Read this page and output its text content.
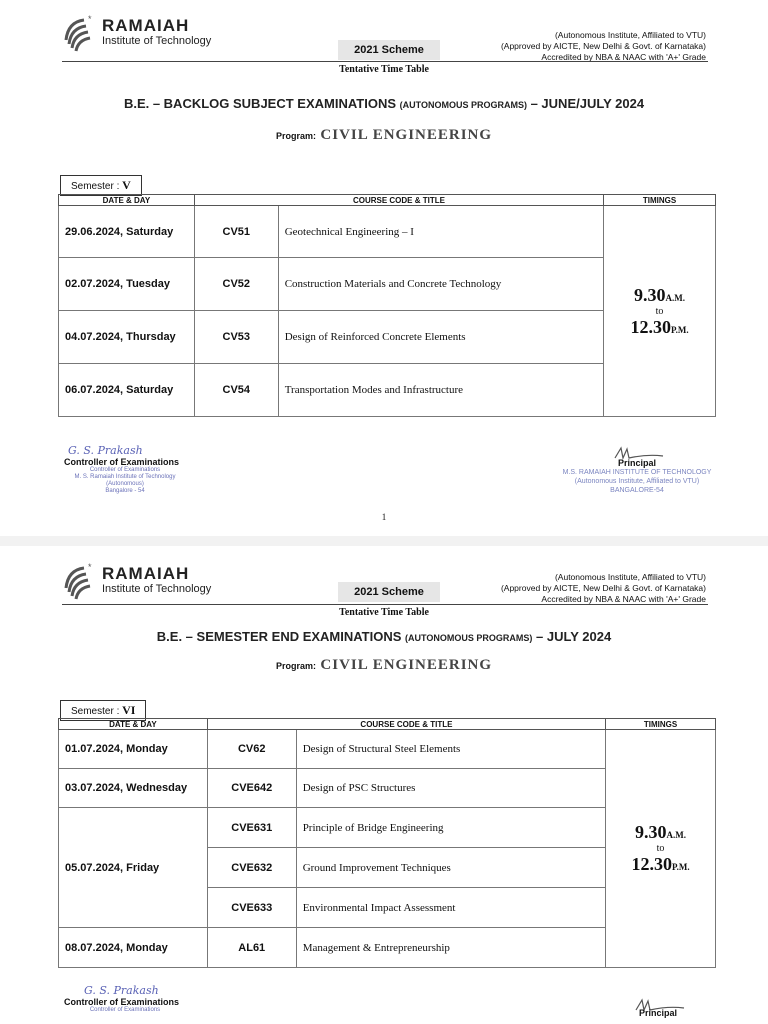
* RAMAIAH
Institute of Technology	(Autonomous Institute, Affiliated to VTU)
(Approved by AICTE, New Delhi & Govt. of Karnataka)
Accredited by NBA & NAAC with 'A+' Grade
2021 Scheme
Tentative Time Table
B.E. – BACKLOG SUBJECT EXAMINATIONS (AUTONOMOUS PROGRAMS) – JUNE/JULY 2024
Program: CIVIL ENGINEERING
Semester : V
DATE & DAY	COURSE CODE & TITLE		TIMINGS
29.06.2024, Saturday	CV51	Geotechnical Engineering – I	9.30A.M.
to
12.30P.M.
02.07.2024, Tuesday	CV52	Construction Materials and Concrete Technology	
04.07.2024, Thursday	CV53	Design of Reinforced Concrete Elements	
06.07.2024, Saturday	CV54	Transportation Modes and Infrastructure	
G. S. Prakash
Controller of Examinations
Controller of Examinations
M. S. Ramaiah Institute of Technology
(Autonomous)
Bangalore - 54
Principal
M.S. RAMAIAH INSTITUTE OF TECHNOLOGY
(Autonomous Institute, Affiliated to VTU)
BANGALORE-54
1
* RAMAIAH
Institute of Technology
(Autonomous Institute, Affiliated to VTU)
(Approved by AICTE, New Delhi & Govt. of Karnataka)
Accredited by NBA & NAAC with 'A+' Grade
2021 Scheme
Tentative Time Table
B.E. – SEMESTER END EXAMINATIONS (AUTONOMOUS PROGRAMS) – JULY 2024
Program: CIVIL ENGINEERING
Semester : VI
DATE & DAY	COURSE CODE & TITLE		TIMINGS
01.07.2024, Monday	CV62	Design of Structural Steel Elements	9.30A.M.
to
12.30P.M.
03.07.2024, Wednesday	CVE642	Design of PSC Structures	
05.07.2024, Friday	CVE631	Principle of Bridge Engineering	
	CVE632	Ground Improvement Techniques	
	CVE633	Environmental Impact Assessment	
08.07.2024, Monday	AL61	Management & Entrepreneurship	
G. S. Prakash
Controller of Examinations
Controller of Examinations	Principal
